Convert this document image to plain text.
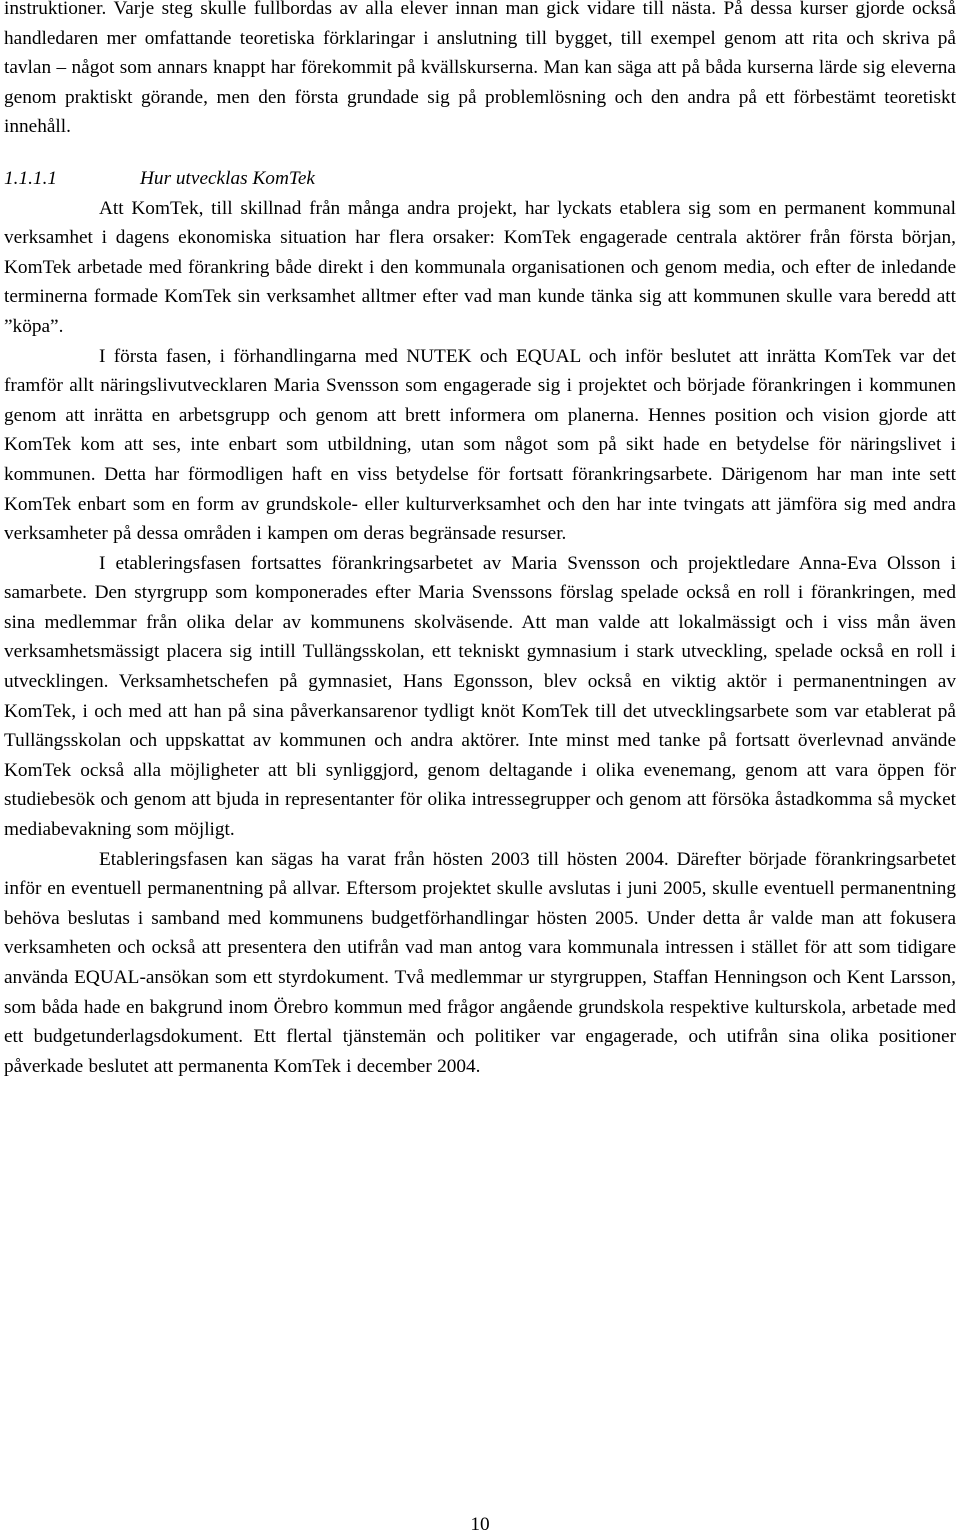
instruktioner. Varje steg skulle fullbordas av alla elever innan man gick vidare till nästa. På dessa kurser gjorde också handledaren mer omfattande teoretiska förklaringar i anslutning till bygget, till exempel genom att rita och skriva på tavlan – något som annars knappt har förekommit på kvällskurserna. Man kan säga att på båda kurserna lärde sig eleverna genom praktiskt görande, men den första grundade sig på problemlösning och den andra på ett förbestämt teoretiskt innehåll.

1.1.1.1	Hur utvecklas KomTek

Att KomTek, till skillnad från många andra projekt, har lyckats etablera sig som en permanent kommunal verksamhet i dagens ekonomiska situation har flera orsaker: KomTek engagerade centrala aktörer från första början, KomTek arbetade med förankring både direkt i den kommunala organisationen och genom media, och efter de inledande terminerna formade KomTek sin verksamhet alltmer efter vad man kunde tänka sig att kommunen skulle vara beredd att ”köpa”.

I första fasen, i förhandlingarna med NUTEK och EQUAL och inför beslutet att inrätta KomTek var det framför allt näringslivutvecklaren Maria Svensson som engagerade sig i projektet och började förankringen i kommunen genom att inrätta en arbetsgrupp och genom att brett informera om planerna. Hennes position och vision gjorde att KomTek kom att ses, inte enbart som utbildning, utan som något som på sikt hade en betydelse för näringslivet i kommunen. Detta har förmodligen haft en viss betydelse för fortsatt förankringsarbete. Därigenom har man inte sett KomTek enbart som en form av grundskole- eller kulturverksamhet och den har inte tvingats att jämföra sig med andra verksamheter på dessa områden i kampen om deras begränsade resurser.

I etableringsfasen fortsattes förankringsarbetet av Maria Svensson och projektledare Anna-Eva Olsson i samarbete. Den styrgrupp som komponerades efter Maria Svenssons förslag spelade också en roll i förankringen, med sina medlemmar från olika delar av kommunens skolväsende. Att man valde att lokalmässigt och i viss mån även verksamhetsmässigt placera sig intill Tullängsskolan, ett tekniskt gymnasium i stark utveckling, spelade också en roll i utvecklingen. Verksamhetschefen på gymnasiet, Hans Egonsson, blev också en viktig aktör i permanentningen av KomTek, i och med att han på sina påverkansarenor tydligt knöt KomTek till det utvecklingsarbete som var etablerat på Tullängsskolan och uppskattat av kommunen och andra aktörer. Inte minst med tanke på fortsatt överlevnad använde KomTek också alla möjligheter att bli synliggjord, genom deltagande i olika evenemang, genom att vara öppen för studiebesök och genom att bjuda in representanter för olika intressegrupper och genom att försöka åstadkomma så mycket mediabevakning som möjligt.

Etableringsfasen kan sägas ha varat från hösten 2003 till hösten 2004. Därefter började förankringsarbetet inför en eventuell permanentning på allvar. Eftersom projektet skulle avslutas i juni 2005, skulle eventuell permanentning behöva beslutas i samband med kommunens budgetförhandlingar hösten 2005. Under detta år valde man att fokusera verksamheten och också att presentera den utifrån vad man antog vara kommunala intressen i stället för att som tidigare använda EQUAL-ansökan som ett styrdokument. Två medlemmar ur styrgruppen, Staffan Henningson och Kent Larsson, som båda hade en bakgrund inom Örebro kommun med frågor angående grundskola respektive kulturskola, arbetade med ett budgetunderlagsdokument. Ett flertal tjänstemän och politiker var engagerade, och utifrån sina olika positioner påverkade beslutet att permanenta KomTek i december 2004.

10
